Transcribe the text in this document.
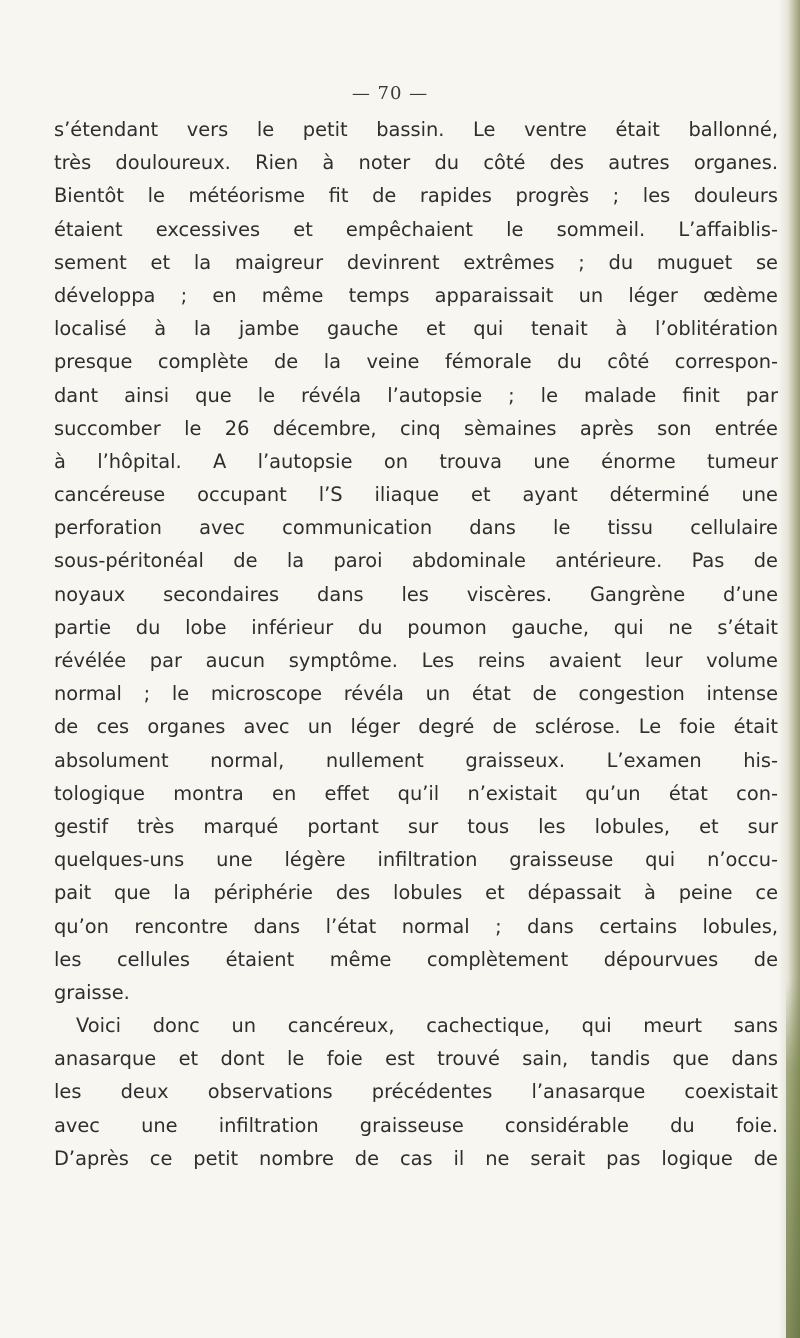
— 70 —
s’étendant vers le petit bassin. Le ventre était ballonné,
très douloureux. Rien à noter du côté des autres organes.
Bientôt le météorisme fit de rapides progrès ; les douleurs
étaient excessives et empêchaient le sommeil. L’affaiblis-
sement et la maigreur devinrent extrêmes ; du muguet se
développa ; en même temps apparaissait un léger œdème
localisé à la jambe gauche et qui tenait à l’oblitération
presque complète de la veine fémorale du côté correspon-
dant ainsi que le révéla l’autopsie ; le malade finit par
succomber le 26 décembre, cinq sèmaines après son entrée
à l’hôpital. A l’autopsie on trouva une énorme tumeur
cancéreuse occupant l’S iliaque et ayant déterminé une
perforation avec communication dans le tissu cellulaire
sous-péritonéal de la paroi abdominale antérieure. Pas de
noyaux secondaires dans les viscères. Gangrène d’une
partie du lobe inférieur du poumon gauche, qui ne s’était
révélée par aucun symptôme. Les reins avaient leur volume
normal ; le microscope révéla un état de congestion intense
de ces organes avec un léger degré de sclérose. Le foie était
absolument normal, nullement graisseux. L’examen his-
tologique montra en effet qu’il n’existait qu’un état con-
gestif très marqué portant sur tous les lobules, et sur
quelques-uns une légère infiltration graisseuse qui n’occu-
pait que la périphérie des lobules et dépassait à peine ce
qu’on rencontre dans l’état normal ; dans certains lobules,
les cellules étaient même complètement dépourvues de
graisse.
Voici donc un cancéreux, cachectique, qui meurt sans
anasarque et dont le foie est trouvé sain, tandis que dans
les deux observations précédentes l’anasarque coexistait
avec une infiltration graisseuse considérable du foie.
D’après ce petit nombre de cas il ne serait pas logique de
